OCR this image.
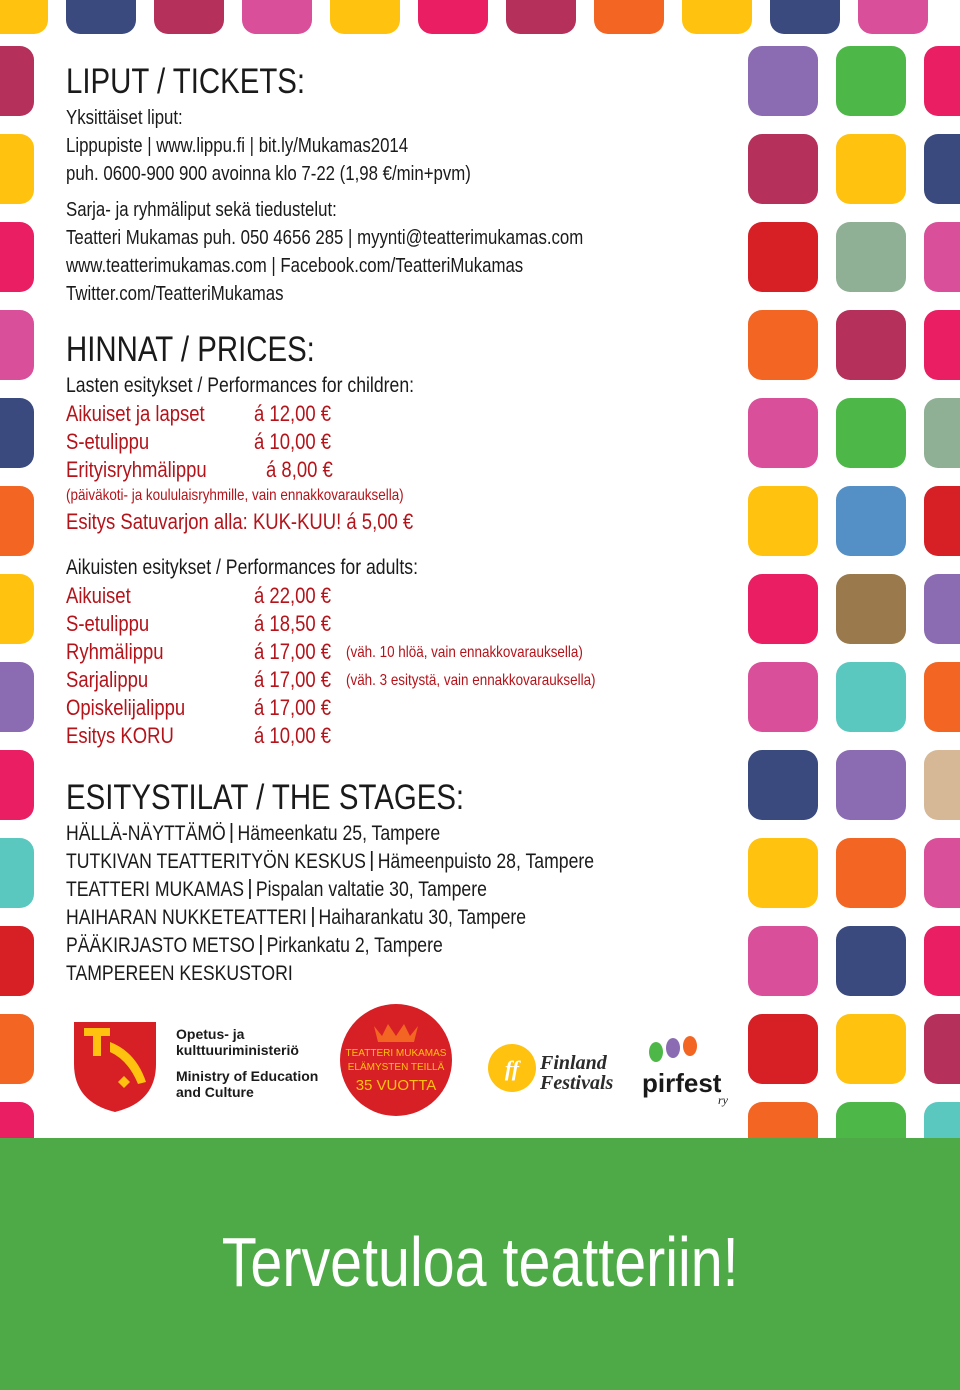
LIPUT / TICKETS:
Yksittäiset liput:
Lippupiste | www.lippu.fi | bit.ly/Mukamas2014
puh. 0600-900 900 avoinna klo 7-22 (1,98 €/min+pvm)
Sarja- ja ryhmäliput sekä tiedustelut:
Teatteri Mukamas puh. 050 4656 285 | myynti@teatterimukamas.com
www.teatterimukamas.com | Facebook.com/TeatteriMukamas
Twitter.com/TeatteriMukamas
HINNAT / PRICES:
Lasten esitykset / Performances for children:
Aikuiset ja lapset á 12,00 €
S-etulippu	á 10,00 €
Erityisryhmälippu	á 8,00 €
(päiväkoti- ja koululaisryhmille, vain ennakkovarauksella)
Esitys Satuvarjon alla: KUK-KUU! á 5,00 €
Aikuisten esitykset / Performances for adults:
Aikuiset	á 22,00 €
S-etulippu	á 18,50 €
Ryhmälippu	á 17,00 € (väh. 10 hlöä, vain ennakkovarauksella)
Sarjalippu	á 17,00 € (väh. 3 esitystä, vain ennakkovarauksella)
Opiskelijalippu	á 17,00 €
Esitys KORU	á 10,00 €
ESITYSTILAT / THE STAGES:
HÄLLÄ-NÄYTTÄMÖ Hämeenkatu 25, Tampere
TUTKIVAN TEATTERITYÖN KESKUS Hämeenpuisto 28, Tampere
TEATTERI MUKAMAS Pispalan valtatie 30, Tampere
HAIHARAN NUKKETEATTERI Haiharankatu 30, Tampere
PÄÄKIRJASTO METSO Pirkankatu 2, Tampere
TAMPEREEN KESKUSTORI
Opetus- ja
kulttuuriministeriö
Ministry of Education
and Culture
TEATTERI MUKAMAS
ELÄMYSTEN TEILLÄ
35 VUOTTA
ff Finland
Festivals pirfest
ry
Tervetuloa teatteriin!
